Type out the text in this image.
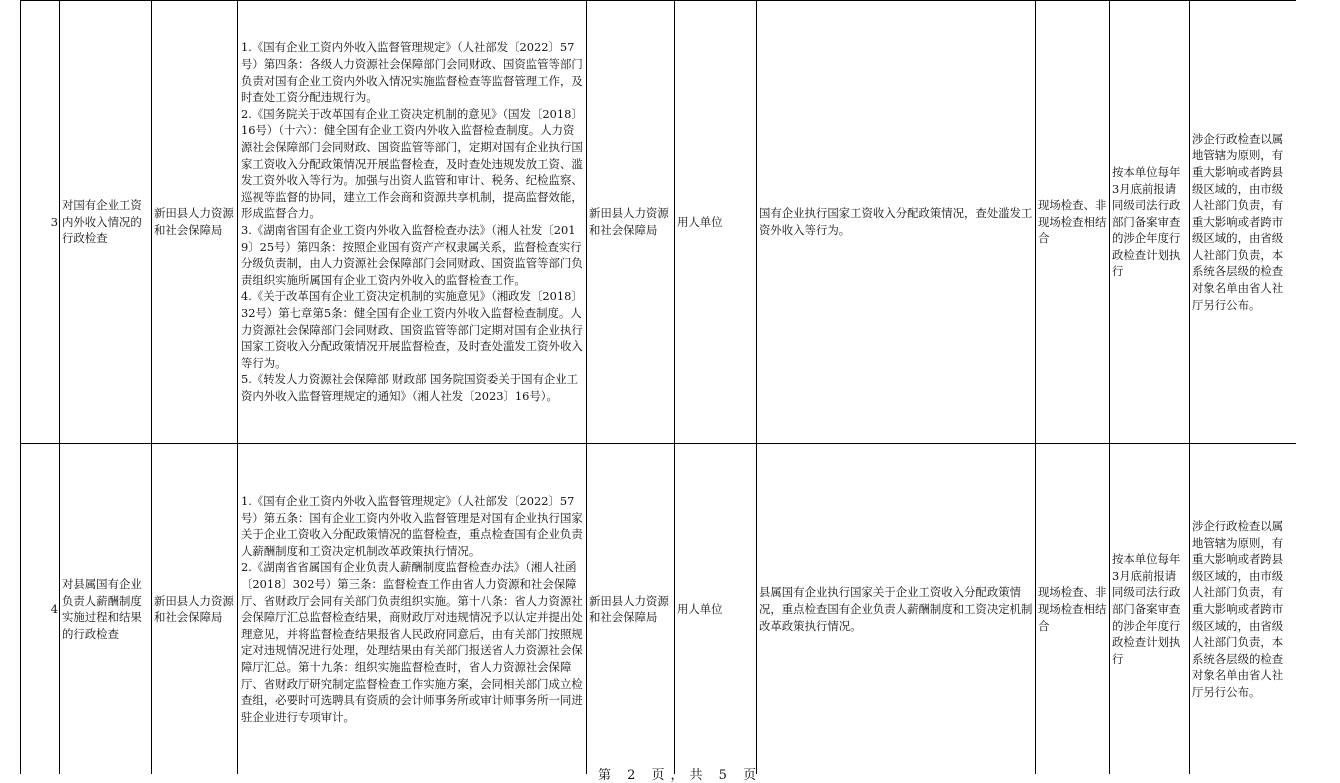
3	对国有企业工资内外收入情况的行政检查	新田县人力资源和社会保障局	1.《国有企业工资内外收入监督管理规定》（人社部发〔2022〕57号）第四条：各级人力资源社会保障部门会同财政、国资监管等部门负责对国有企业工资内外收入情况实施监督检查等监督管理工作，及时查处工资分配违规行为。
2.《国务院关于改革国有企业工资决定机制的意见》（国发〔2018〕16号）（十六）：健全国有企业工资内外收入监督检查制度。人力资源社会保障部门会同财政、国资监管等部门，定期对国有企业执行国家工资收入分配政策情况开展监督检查，及时查处违规发放工资、滥发工资外收入等行为。加强与出资人监管和审计、税务、纪检监察、巡视等监督的协同，建立工作会商和资源共享机制，提高监督效能，形成监督合力。
3.《湖南省国有企业工资内外收入监督检查办法》（湘人社发〔2019〕25号）第四条：按照企业国有资产产权隶属关系，监督检查实行分级负责制，由人力资源社会保障部门会同财政、国资监管等部门负责组织实施所属国有企业工资内外收入的监督检查工作。
4.《关于改革国有企业工资决定机制的实施意见》（湘政发〔2018〕32号）第七章第5条：健全国有企业工资内外收入监督检查制度。人力资源社会保障部门会同财政、国资监管等部门定期对国有企业执行国家工资收入分配政策情况开展监督检查，及时查处滥发工资外收入等行为。
5.《转发人力资源社会保障部 财政部 国务院国资委关于国有企业工资内外收入监督管理规定的通知》（湘人社发〔2023〕16号）。	新田县人力资源和社会保障局	用人单位	国有企业执行国家工资收入分配政策情况，查处滥发工资外收入等行为。	现场检查、非现场检查相结合	按本单位每年3月底前报请同级司法行政部门备案审查的涉企年度行政检查计划执行	涉企行政检查以属地管辖为原则，有重大影响或者跨县级区域的，由市级人社部门负责，有重大影响或者跨市级区域的，由省级人社部门负责，本系统各层级的检查对象名单由省人社厅另行公布。
4	对县属国有企业负责人薪酬制度实施过程和结果的行政检查	新田县人力资源和社会保障局	1.《国有企业工资内外收入监督管理规定》（人社部发〔2022〕57号）第五条：国有企业工资内外收入监督管理是对国有企业执行国家关于企业工资收入分配政策情况的监督检查，重点检查国有企业负责人薪酬制度和工资决定机制改革政策执行情况。
2.《湖南省省属国有企业负责人薪酬制度监督检查办法》（湘人社函〔2018〕302号）第三条：监督检查工作由省人力资源和社会保障厅、省财政厅会同有关部门负责组织实施。第十八条：省人力资源社会保障厅汇总监督检查结果，商财政厅对违规情况予以认定并提出处理意见，并将监督检查结果报省人民政府同意后，由有关部门按照规定对违规情况进行处理，处理结果由有关部门报送省人力资源社会保障厅汇总。第十九条：组织实施监督检查时，省人力资源社会保障厅、省财政厅研究制定监督检查工作实施方案，会同相关部门成立检查组，必要时可选聘具有资质的会计师事务所或审计师事务所一同进驻企业进行专项审计。	新田县人力资源和社会保障局	用人单位	县属国有企业执行国家关于企业工资收入分配政策情况，重点检查国有企业负责人薪酬制度和工资决定机制改革政策执行情况。	现场检查、非现场检查相结合	按本单位每年3月底前报请同级司法行政部门备案审查的涉企年度行政检查计划执行	涉企行政检查以属地管辖为原则，有重大影响或者跨县级区域的，由市级人社部门负责，有重大影响或者跨市级区域的，由省级人社部门负责，本系统各层级的检查对象名单由省人社厅另行公布。
第 2 页，共 5 页
